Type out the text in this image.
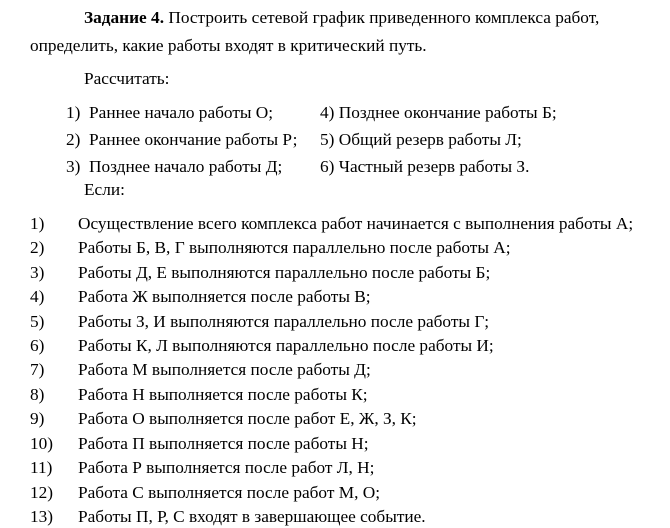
Задание 4. Построить сетевой график приведенного комплекса работ,
определить, какие работы входят в критический путь.
Рассчитать:
1)  Раннее начало работы О;	4) Позднее окончание работы Б;
2)  Раннее окончание работы Р; 5) Общий резерв работы Л;
3)  Позднее начало работы Д; 6) Частный резерв работы З.
Если:
1) Осуществление всего комплекса работ начинается с выполнения работы А;
2) Работы Б, В, Г выполняются параллельно после работы А;
3) Работы Д, Е выполняются параллельно после работы Б;
4) Работа Ж выполняется после работы В;
5) Работы З, И выполняются параллельно после работы Г;
6) Работы К, Л выполняются параллельно после работы И;
7) Работа М выполняется после работы Д;
8) Работа Н выполняется после работы К;
9) Работа О выполняется после работ Е, Ж, З, К;
10) Работа П выполняется после работы Н;
11) Работа Р выполняется после работ Л, Н;
12) Работа С выполняется после работ М, О;
13) Работы П, Р, С входят в завершающее событие.
